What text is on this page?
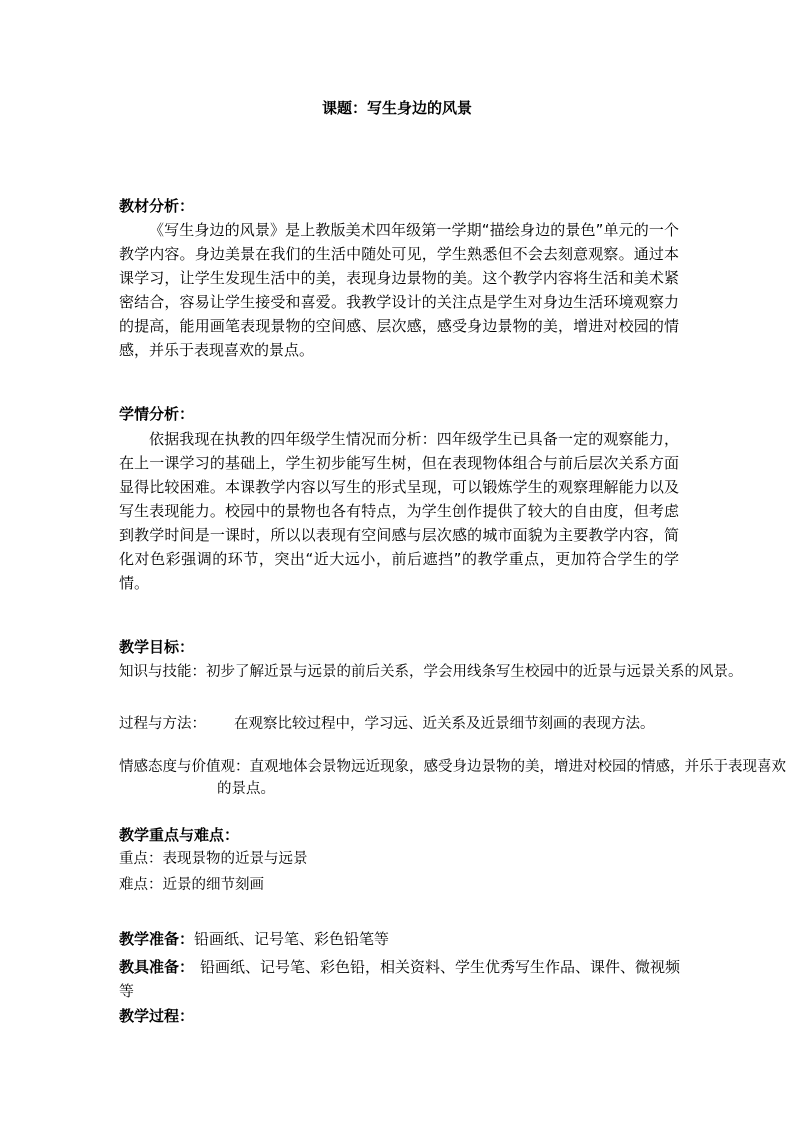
课题：写生身边的风景
教材分析：

《写生身边的风景》是上教版美术四年级第一学期“描绘身边的景色”单元的一个教学内容。身边美景在我们的生活中随处可见，学生熟悉但不会去刻意观察。通过本课学习，让学生发现生活中的美，表现身边景物的美。这个教学内容将生活和美术紧密结合，容易让学生接受和喜爱。我教学设计的关注点是学生对身边生活环境观察力的提高，能用画笔表现景物的空间感、层次感，感受身边景物的美，增进对校园的情感，并乐于表现喜欢的景点。

学情分析：

依据我现在执教的四年级学生情况而分析：四年级学生已具备一定的观察能力，在上一课学习的基础上，学生初步能写生树，但在表现物体组合与前后层次关系方面显得比较困难。本课教学内容以写生的形式呈现，可以锻炼学生的观察理解能力以及写生表现能力。校园中的景物也各有特点，为学生创作提供了较大的自由度，但考虑到教学时间是一课时，所以以表现有空间感与层次感的城市面貌为主要教学内容，简化对色彩强调的环节，突出“近大远小，前后遮挡”的教学重点，更加符合学生的学情。

教学目标：
知识与技能：初步了解近景与远景的前后关系，学会用线条写生校园中的近景与远景关系的风景。
过程与方法： 在观察比较过程中，学习远、近关系及近景细节刻画的表现方法。
情感态度与价值观：直观地体会景物远近现象，感受身边景物的美，增进对校园的情感，并乐于表现喜欢的景点。
教学重点与难点：
重点：表现景物的近景与远景
难点：近景的细节刻画
教学准备：铅画纸、记号笔、彩色铅笔等
教具准备： 铅画纸、记号笔、彩色铅，相关资料、学生优秀写生作品、课件、微视频等
教学过程：
